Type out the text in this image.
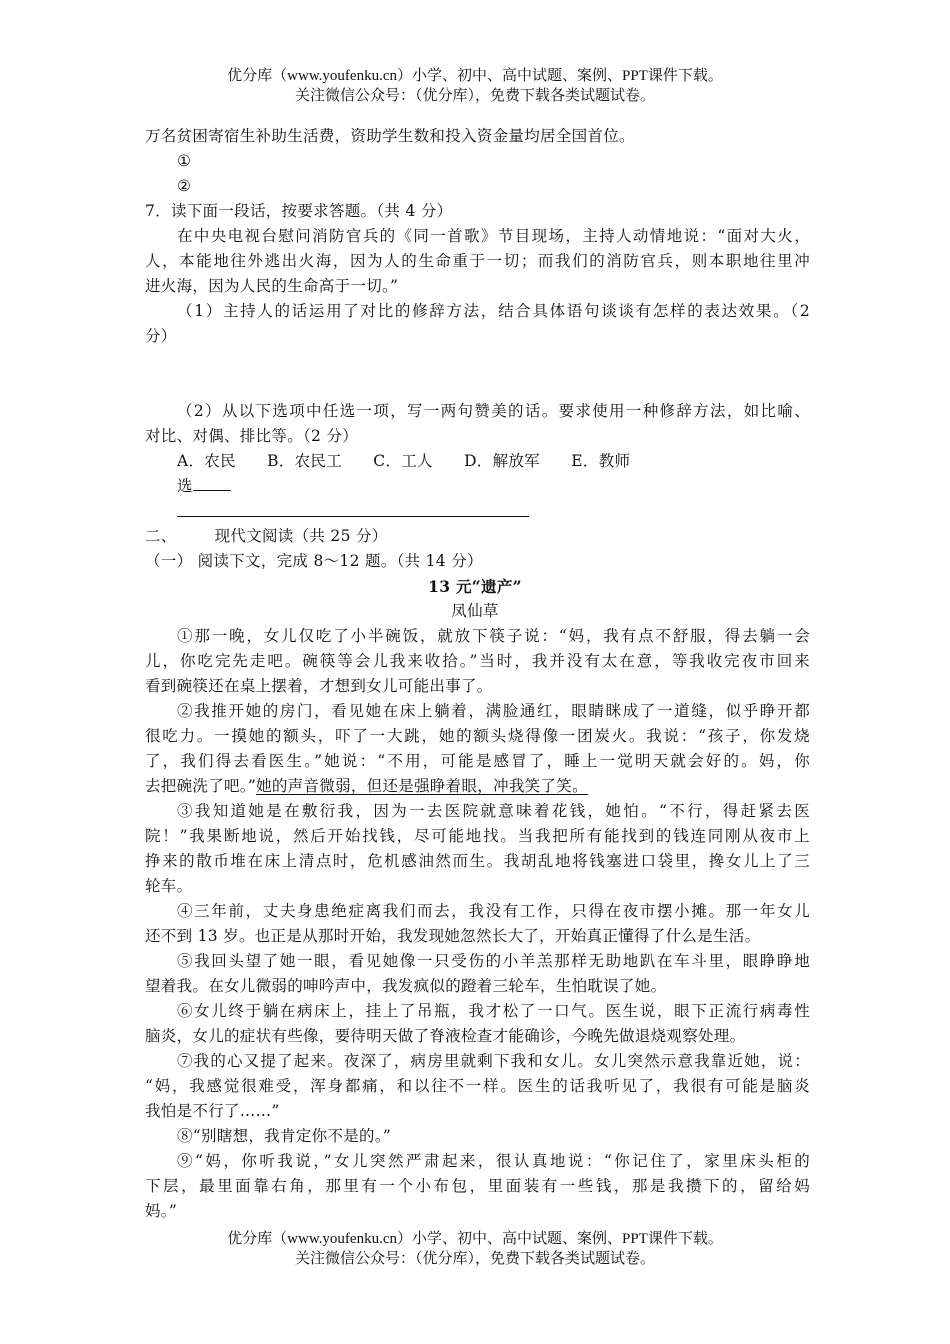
优分库（www.youfenku.cn）小学、初中、高中试题、案例、PPT课件下载。
关注微信公众号：（优分库），免费下载各类试题试卷。
万名贫困寄宿生补助生活费，资助学生数和投入资金量均居全国首位。
①
②
7．读下面一段话，按要求答题。（共 4 分）
在中央电视台慰问消防官兵的《同一首歌》节目现场，主持人动情地说：“面对大火，
人，本能地往外逃出火海，因为人的生命重于一切；而我们的消防官兵，则本职地往里冲
进火海，因为人民的生命高于一切。”
（1）主持人的话运用了对比的修辞方法，结合具体语句谈谈有怎样的表达效果。（2
分）
（2）从以下选项中任选一项，写一两句赞美的话。要求使用一种修辞方法，如比喻、
对比、对偶、排比等。（2 分）
A．农民 B．农民工 C．工人 D．解放军 E．教师
选
二、 现代文阅读（共 25 分）
（一） 阅读下文，完成 8～12 题。（共 14 分）
13 元“遗产”
凤仙草
①那一晚，女儿仅吃了小半碗饭，就放下筷子说：“妈，我有点不舒服，得去躺一会
儿，你吃完先走吧。碗筷等会儿我来收拾。”当时，我并没有太在意，等我收完夜市回来
看到碗筷还在桌上摆着，才想到女儿可能出事了。
②我推开她的房门，看见她在床上躺着，满脸通红，眼睛眯成了一道缝，似乎睁开都
很吃力。一摸她的额头，吓了一大跳，她的额头烧得像一团炭火。我说：“孩子，你发烧
了，我们得去看医生。”她说：“不用，可能是感冒了，睡上一觉明天就会好的。妈，你
去把碗洗了吧。”她的声音微弱，但还是强睁着眼，冲我笑了笑。
③我知道她是在敷衍我，因为一去医院就意味着花钱，她怕。“不行，得赶紧去医
院！”我果断地说，然后开始找钱，尽可能地找。当我把所有能找到的钱连同刚从夜市上
挣来的散币堆在床上清点时，危机感油然而生。我胡乱地将钱塞进口袋里，搀女儿上了三
轮车。
④三年前，丈夫身患绝症离我们而去，我没有工作，只得在夜市摆小摊。那一年女儿
还不到 13 岁。也正是从那时开始，我发现她忽然长大了，开始真正懂得了什么是生活。
⑤我回头望了她一眼，看见她像一只受伤的小羊羔那样无助地趴在车斗里，眼睁睁地
望着我。在女儿微弱的呻吟声中，我发疯似的蹬着三轮车，生怕耽误了她。
⑥女儿终于躺在病床上，挂上了吊瓶，我才松了一口气。医生说，眼下正流行病毒性
脑炎，女儿的症状有些像，要待明天做了脊液检查才能确诊，今晚先做退烧观察处理。
⑦我的心又提了起来。夜深了，病房里就剩下我和女儿。女儿突然示意我靠近她，说：
“妈，我感觉很难受，浑身都痛，和以往不一样。医生的话我听见了，我很有可能是脑炎
我怕是不行了……”
⑧“别瞎想，我肯定你不是的。”
⑨“妈，你听我说，”女儿突然严肃起来，很认真地说：“你记住了，家里床头柜的
下层，最里面靠右角，那里有一个小布包，里面装有一些钱，那是我攒下的，留给妈
妈。”
优分库（www.youfenku.cn）小学、初中、高中试题、案例、PPT课件下载。
关注微信公众号：（优分库），免费下载各类试题试卷。
